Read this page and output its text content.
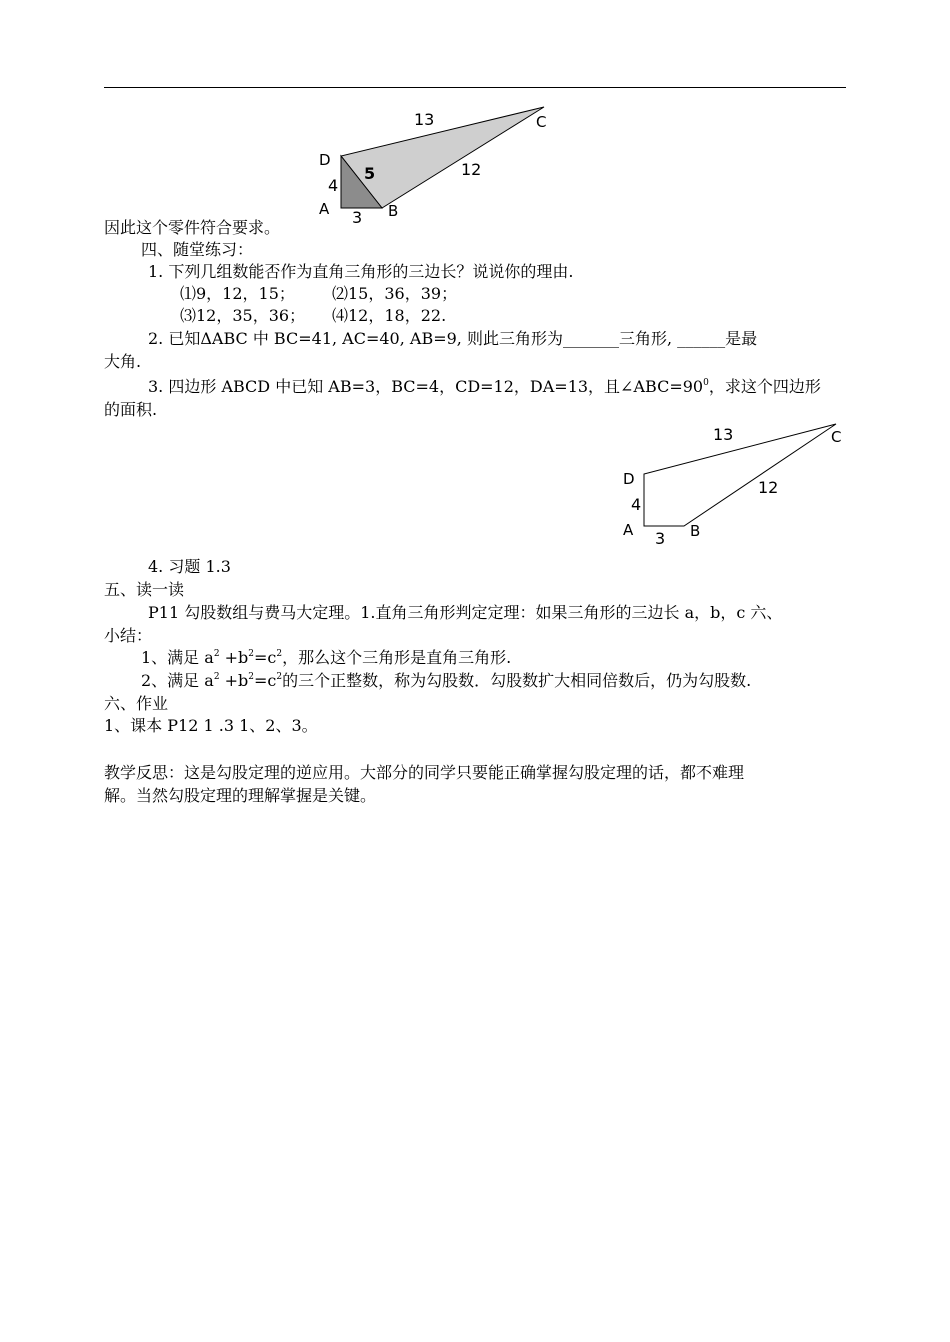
13
12
5
4
3
A	B
C
D
因此这个零件符合要求。
四、随堂练习：
1. 下列几组数能否作为直角三角形的三边长？说说你的理由.
⑴9，12，15； ⑵15，36，39；
⑶12，35，36； ⑷12，18，22.
2. 已知ΔABC 中 BC=41, AC=40, AB=9, 则此三角形为_______三角形, ______是最
大角.
3. 四边形 ABCD 中已知 AB=3，BC=4，CD=12，DA=13，且$\angle ABC=90^0$，求这个四边形
的面积.
13
12
4
3
A	B
C
D
4. 习题 1.3
五、读一读
P11 勾股数组与费马大定理。1.直角三角形判定定理：如果三角形的三边长 a，b，c 六、
小结：
1、满足 $a^2 +b^2=c^2$，那么这个三角形是直角三角形.
2、满足 $a^2 +b^2=c^2$的三个正整数，称为勾股数．勾股数扩大相同倍数后，仍为勾股数.
六、作业
1、课本 P12 1 .3 1、2、3。
教学反思：这是勾股定理的逆应用。大部分的同学只要能正确掌握勾股定理的话，都不难理
解。当然勾股定理的理解掌握是关键。
